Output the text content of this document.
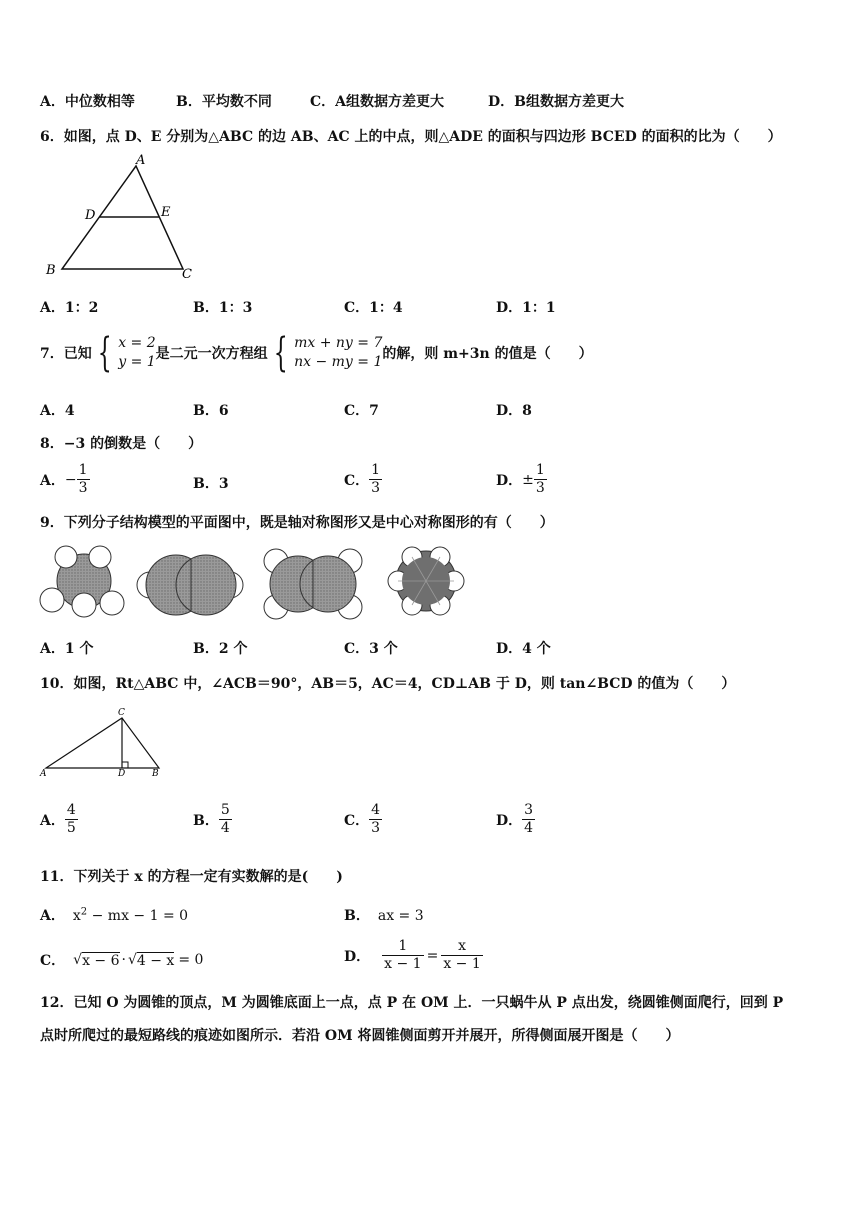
A．中位数相等	B．平均数不同	C．A组数据方差更大	D．B组数据方差更大
6．如图，点 D、E 分别为△ABC 的边 AB、AC 上的中点，则△ADE 的面积与四边形 BCED 的面积的比为（　　）
A
D	E
B	C
A．1：2	B．1：3	C．1：4	D．1：1
7．已知 { x = 2
y = 1 是二元一次方程组 { mx + ny = 7
nx − my = 1 的解，则 m+3n 的值是（　　）
A．4	B．6	C．7	D．8
8．−3 的倒数是（　　）
A． − $\frac{1}{3}$	B．3	C． $\frac{1}{3}$	D． ± $\frac{1}{3}$
9．下列分子结构模型的平面图中，既是轴对称图形又是中心对称图形的有（　　）
A．1 个	B．2 个	C．3 个	D．4 个
10．如图，Rt△ABC 中，∠ACB＝90°，AB＝5，AC＝4，CD⊥AB 于 D，则 tan∠BCD 的值为（　　）
C
A	D	B
A． $\frac{4}{5}$	B． $\frac{5}{4}$	C． $\frac{4}{3}$	D． $\frac{3}{4}$
11．下列关于 x 的方程一定有实数解的是(　　)
A． $x^2$ − mx − 1 = 0	B． ax = 3
C． √ x − 6 · √ 4 − x = 0	D． $\frac{1}{x - 1} = \frac{x}{x - 1}$
12．已知 O 为圆锥的顶点，M 为圆锥底面上一点，点 P 在 OM 上．一只蜗牛从 P 点出发，绕圆锥侧面爬行，回到 P
点时所爬过的最短路线的痕迹如图所示．若沿 OM 将圆锥侧面剪开并展开，所得侧面展开图是（　　）
